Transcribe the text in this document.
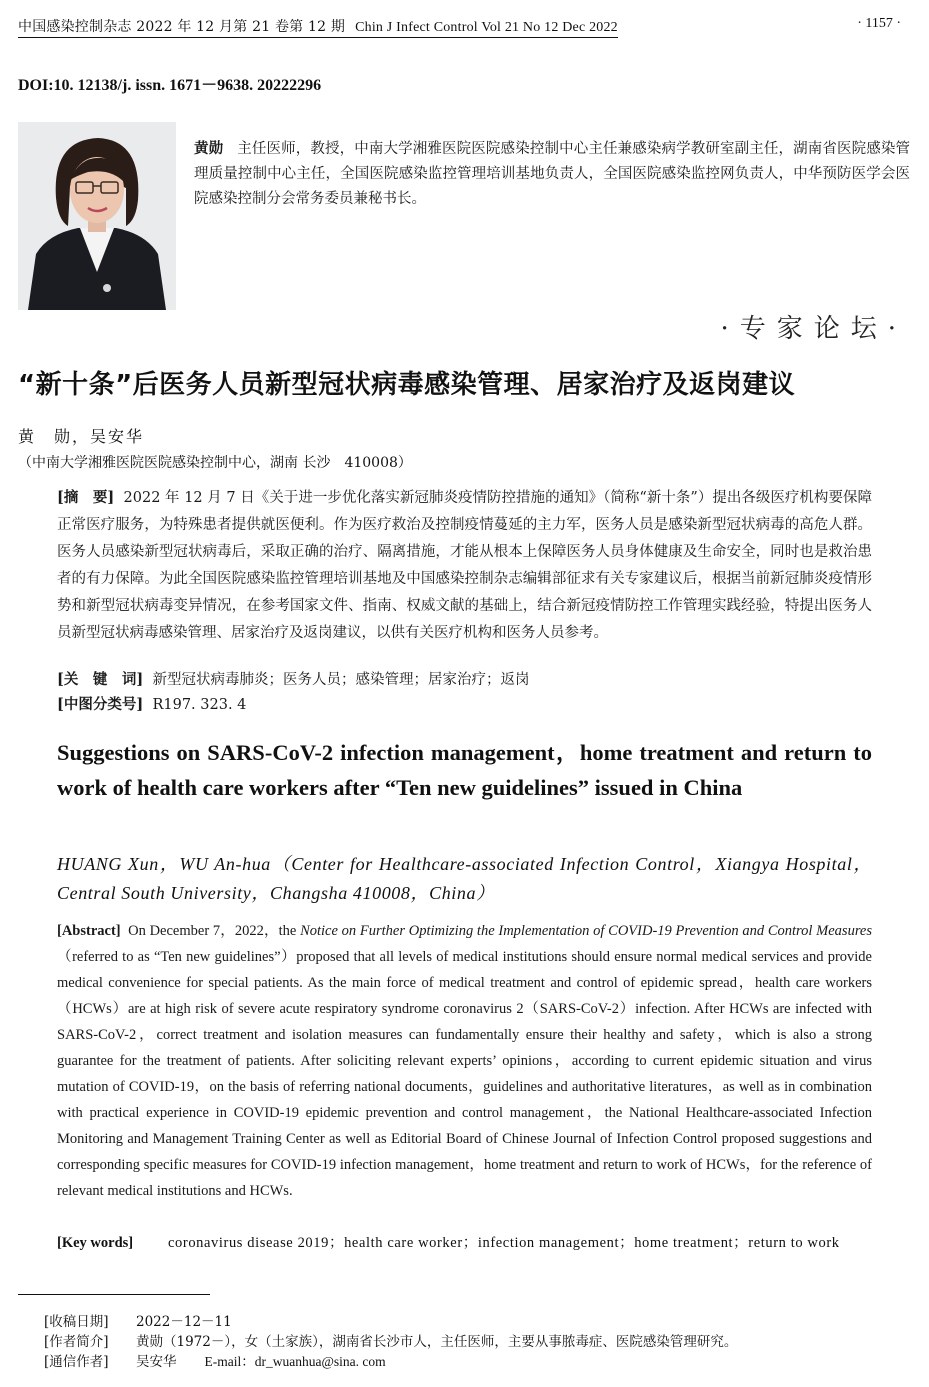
中国感染控制杂志 2022 年 12 月第 21 卷第 12 期 Chin J Infect Control Vol 21 No 12 Dec 2022	· 1157 ·
DOI:10. 12138/j. issn. 1671－9638. 20222296
黄勋 主任医师，教授，中南大学湘雅医院医院感染控制中心主任兼感染病学教研室副主任，湖南省医院感染管理质量控制中心主任，全国医院感染监控管理培训基地负责人，全国医院感染监控网负责人，中华预防医学会医院感染控制分会常务委员兼秘书长。
·专家论坛·
“新十条”后医务人员新型冠状病毒感染管理、居家治疗及返岗建议
黄　勋，吴安华
（中南大学湘雅医院医院感染控制中心，湖南 长沙　410008）
[摘　要] 2022 年 12 月 7 日《关于进一步优化落实新冠肺炎疫情防控措施的通知》（简称“新十条”）提出各级医疗机构要保障正常医疗服务，为特殊患者提供就医便利。作为医疗救治及控制疫情蔓延的主力军，医务人员是感染新型冠状病毒的高危人群。医务人员感染新型冠状病毒后，采取正确的治疗、隔离措施，才能从根本上保障医务人员身体健康及生命安全，同时也是救治患者的有力保障。为此全国医院感染监控管理培训基地及中国感染控制杂志编辑部征求有关专家建议后，根据当前新冠肺炎疫情形势和新型冠状病毒变异情况，在参考国家文件、指南、权威文献的基础上，结合新冠疫情防控工作管理实践经验，特提出医务人员新型冠状病毒感染管理、居家治疗及返岗建议，以供有关医疗机构和医务人员参考。
[关　键　词] 新型冠状病毒肺炎；医务人员；感染管理；居家治疗；返岗
[中图分类号] R197. 323. 4
Suggestions on SARS-CoV-2 infection management，home treatment and return to work of health care workers after “Ten new guidelines” issued in China
HUANG Xun，WU An-hua（Center for Healthcare-associated Infection Control，Xiangya Hospital，Central South University，Changsha 410008，China）
[Abstract] On December 7，2022，the Notice on Further Optimizing the Implementation of COVID-19 Prevention and Control Measures （referred to as “Ten new guidelines”）proposed that all levels of medical institutions should ensure normal medical services and provide medical convenience for special patients. As the main force of medical treatment and control of epidemic spread，health care workers（HCWs）are at high risk of severe acute respiratory syndrome coronavirus 2（SARS-CoV-2）infection. After HCWs are infected with SARS-CoV-2，correct treatment and isolation measures can fundamentally ensure their healthy and safety，which is also a strong guarantee for the treatment of patients. After soliciting relevant experts’ opinions，according to current epidemic situation and virus mutation of COVID-19，on the basis of referring national documents，guidelines and authoritative literatures，as well as in combination with practical experience in COVID-19 epidemic prevention and control management，the National Healthcare-associated Infection Monitoring and Management Training Center as well as Editorial Board of Chinese Journal of Infection Control proposed suggestions and corresponding specific measures for COVID-19 infection management，home treatment and return to work of HCWs，for the reference of relevant medical institutions and HCWs.
[Key words]	coronavirus disease 2019；health care worker；infection management；home treatment；return to work
[收稿日期] 2022－12－11
[作者简介] 黄勋（1972－），女（土家族），湖南省长沙市人，主任医师，主要从事脓毒症、医院感染管理研究。
[通信作者] 吴安华 E-mail：dr_wuanhua@sina. com
